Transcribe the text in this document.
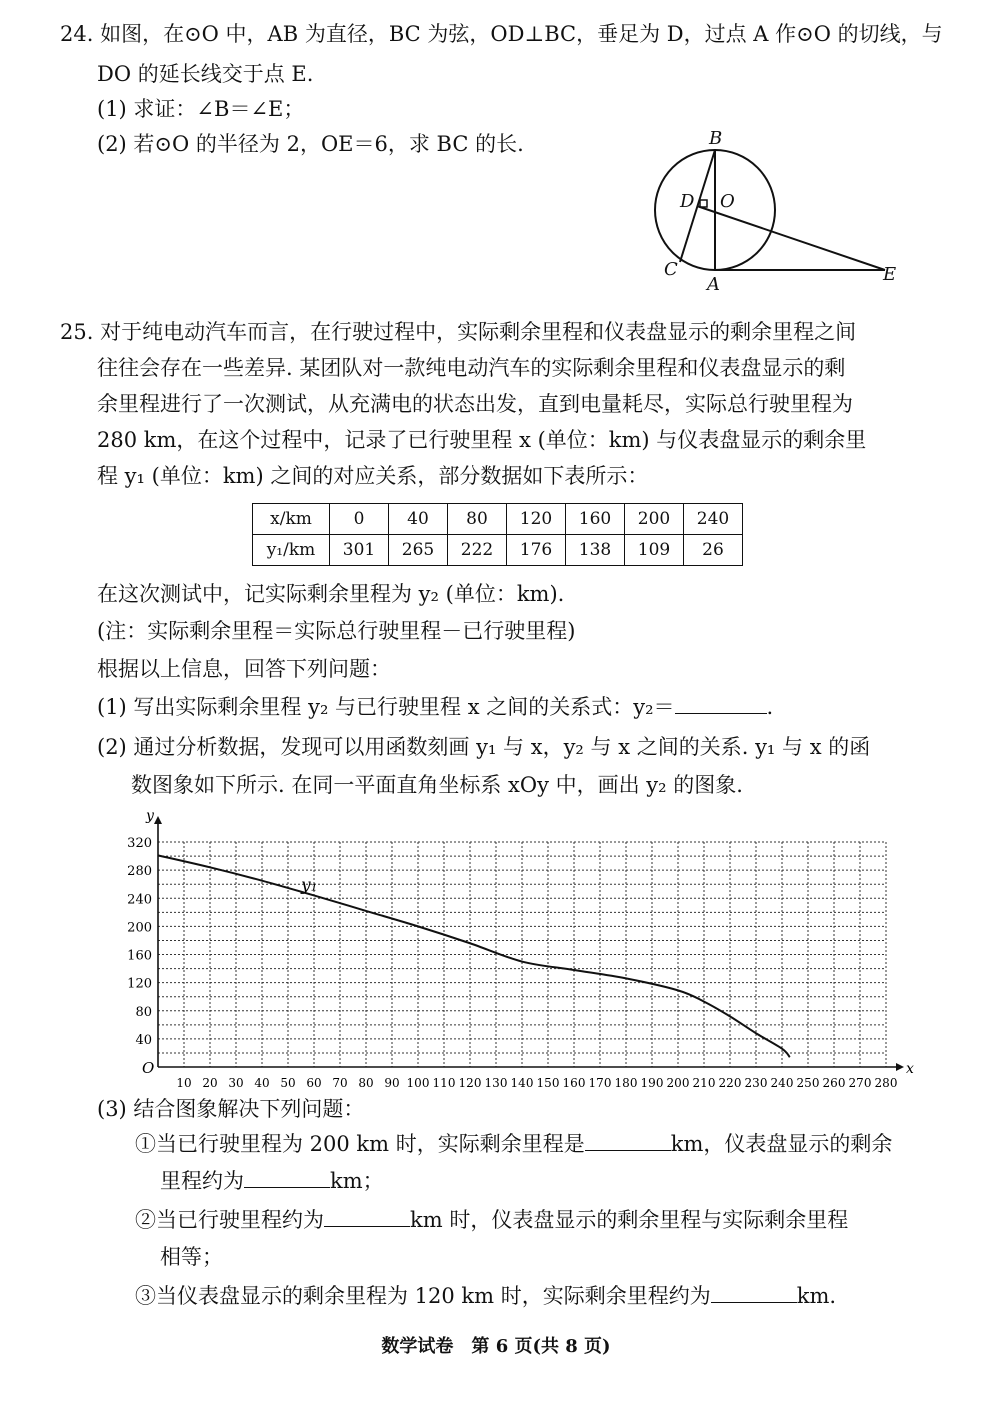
24. 如图，在⊙O 中，AB 为直径，BC 为弦，OD⊥BC，垂足为 D，过点 A 作⊙O 的切线，与
DO 的延长线交于点 E.
(1) 求证：∠B＝∠E；
(2) 若⊙O 的半径为 2，OE＝6，求 BC 的长.	B
D O
C
A	E
25. 对于纯电动汽车而言，在行驶过程中，实际剩余里程和仪表盘显示的剩余里程之间
往往会存在一些差异. 某团队对一款纯电动汽车的实际剩余里程和仪表盘显示的剩
余里程进行了一次测试，从充满电的状态出发，直到电量耗尽，实际总行驶里程为
280 km，在这个过程中，记录了已行驶里程 x (单位：km) 与仪表盘显示的剩余里
程 y₁ (单位：km) 之间的对应关系，部分数据如下表所示：
x/km	0	40	80	120	160	200	240
y₁/km	301	265	222	176	138	109	26
在这次测试中，记实际剩余里程为 y₂ (单位：km).
(注：实际剩余里程＝实际总行驶里程－已行驶里程)
根据以上信息，回答下列问题：
(1) 写出实际剩余里程 y₂ 与已行驶里程 x 之间的关系式：y₂＝	.
(2) 通过分析数据，发现可以用函数刻画 y₁ 与 x，y₂ 与 x 之间的关系. y₁ 与 x 的函
数图象如下所示. 在同一平面直角坐标系 xOy 中，画出 y₂ 的图象.
x
y
O
10 20 30 40 50 60 70 80 90 100 110 120 130 140 150 160 170 180 190 200 210 220 230 240 250 260 270 280
40
80
120
160
200
240
280
320
y₁
(3) 结合图象解决下列问题：
①当已行驶里程为 200 km 时，实际剩余里程是	km，仪表盘显示的剩余
里程约为	km；
②当已行驶里程约为	km 时，仪表盘显示的剩余里程与实际剩余里程
相等；
③当仪表盘显示的剩余里程为 120 km 时，实际剩余里程约为	km.
数学试卷　第 6 页(共 8 页)
